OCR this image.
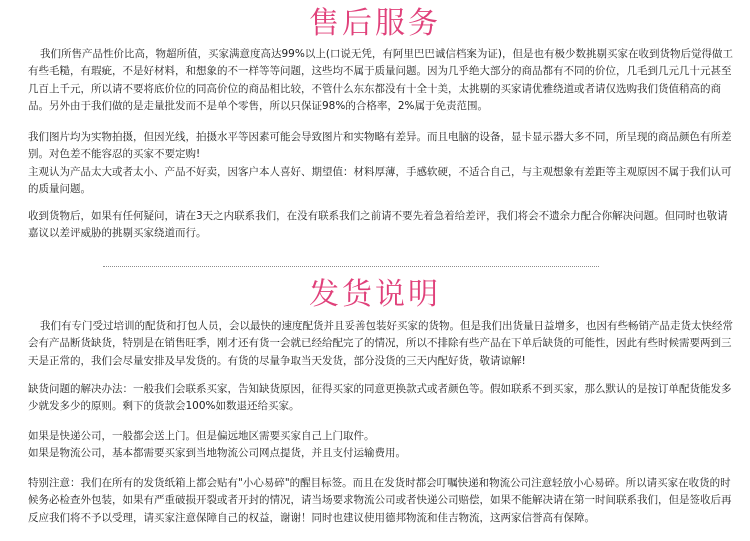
售后服务

我们所售产品性价比高，物超所值，买家满意度高达99%以上(口说无凭，有阿里巴巴诚信档案为证)，但是也有极少数挑剔买家在收到货物后觉得做工有些毛糙，有瑕疵，不是好材料，和想象的不一样等等问题，这些均不属于质量问题。因为几乎绝大部分的商品都有不同的价位，几毛到几元几十元甚至几百上千元，所以请不要将底价位的同高价位的商品相比较，不管什么东东都没有十全十美，太挑剔的买家请优雅绕道或者请仅选购我们货值稍高的商品。另外由于我们做的是走量批发而不是单个零售，所以只保证98%的合格率，2%属于免责范围。

我们图片均为实物拍摄，但因光线，拍摄水平等因素可能会导致图片和实物略有差异。而且电脑的设备，显卡显示器大多不同，所呈现的商品颜色有所差别。对色差不能容忍的买家不要定购!
主观认为产品太大或者太小、产品不好卖，因客户本人喜好、期望值：材料厚薄，手感软硬，不适合自己，与主观想象有差距等主观原因不属于我们认可的质量问题。

收到货物后，如果有任何疑问，请在3天之内联系我们，在没有联系我们之前请不要先着急着给差评，我们将会不遗余力配合你解决问题。但同时也敬请嘉议以差评威胁的挑剔买家绕道而行。

发货说明

我们有专门受过培训的配货和打包人员，会以最快的速度配货并且妥善包装好买家的货物。但是我们出货量日益增多，也因有些畅销产品走货太快经常会有产品断货缺货，特别是在销售旺季，刚才还有货一会就已经给配完了的情况，所以不排除有些产品在下单后缺货的可能性，因此有些时候需要两到三天是正常的，我们会尽量安排及早发货的。有货的尽量争取当天发货，部分没货的三天内配好货，敬请谅解!

缺货问题的解决办法：一般我们会联系买家，告知缺货原因，征得买家的同意更换款式或者颜色等。假如联系不到买家，那么默认的是按订单配货能发多少就发多少的原则。剩下的货款会100%如数退还给买家。

如果是快递公司，一般都会送上门。但是偏远地区需要买家自己上门取件。
如果是物流公司，基本都需要买家到当地物流公司网点提货，并且支付运输费用。

特别注意：我们在所有的发货纸箱上都会贴有"小心易碎"的醒目标签。而且在发货时都会叮嘱快递和物流公司注意轻放小心易碎。所以请买家在收货的时候务必检查外包装，如果有严重破损开裂或者开封的情况，请当场要求物流公司或者快递公司赔偿，如果不能解决请在第一时间联系我们，但是签收后再反应我们将不予以受理，请买家注意保障自己的权益，谢谢！同时也建议使用德邦物流和佳吉物流，这两家信誉高有保障。
